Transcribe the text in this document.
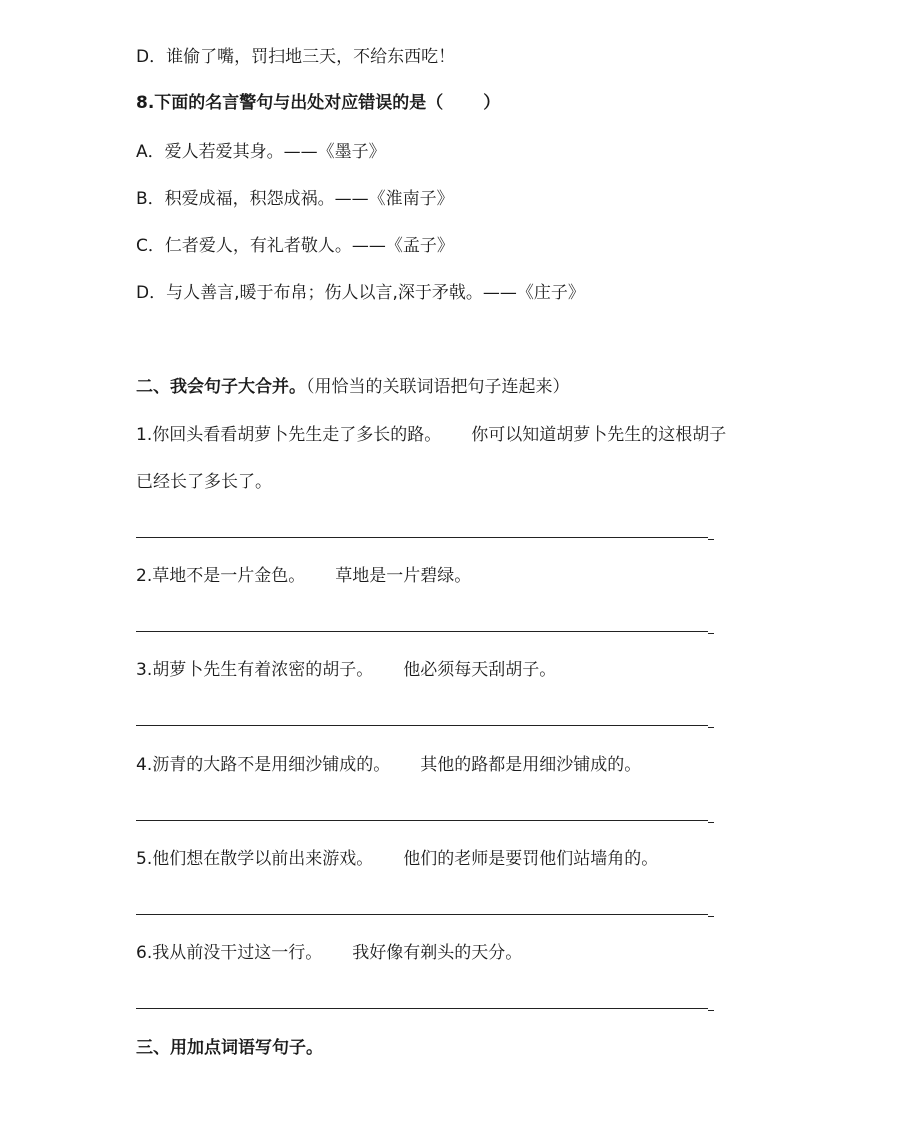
D．谁偷了嘴，罚扫地三天，不给东西吃！
8.下面的名言警句与出处对应错误的是（ ）
A．爱人若爱其身。——《墨子》
B．积爱成福，积怨成祸。——《淮南子》
C．仁者爱人，有礼者敬人。——《孟子》
D．与人善言,暖于布帛；伤人以言,深于矛戟。——《庄子》
二、我会句子大合并。（用恰当的关联词语把句子连起来）
1.你回头看看胡萝卜先生走了多长的路。 你可以知道胡萝卜先生的这根胡子
已经长了多长了。
2.草地不是一片金色。 草地是一片碧绿。
3.胡萝卜先生有着浓密的胡子。 他必须每天刮胡子。
4.沥青的大路不是用细沙铺成的。 其他的路都是用细沙铺成的。
5.他们想在散学以前出来游戏。 他们的老师是要罚他们站墙角的。
6.我从前没干过这一行。 我好像有剃头的天分。
三、用加点词语写句子。
